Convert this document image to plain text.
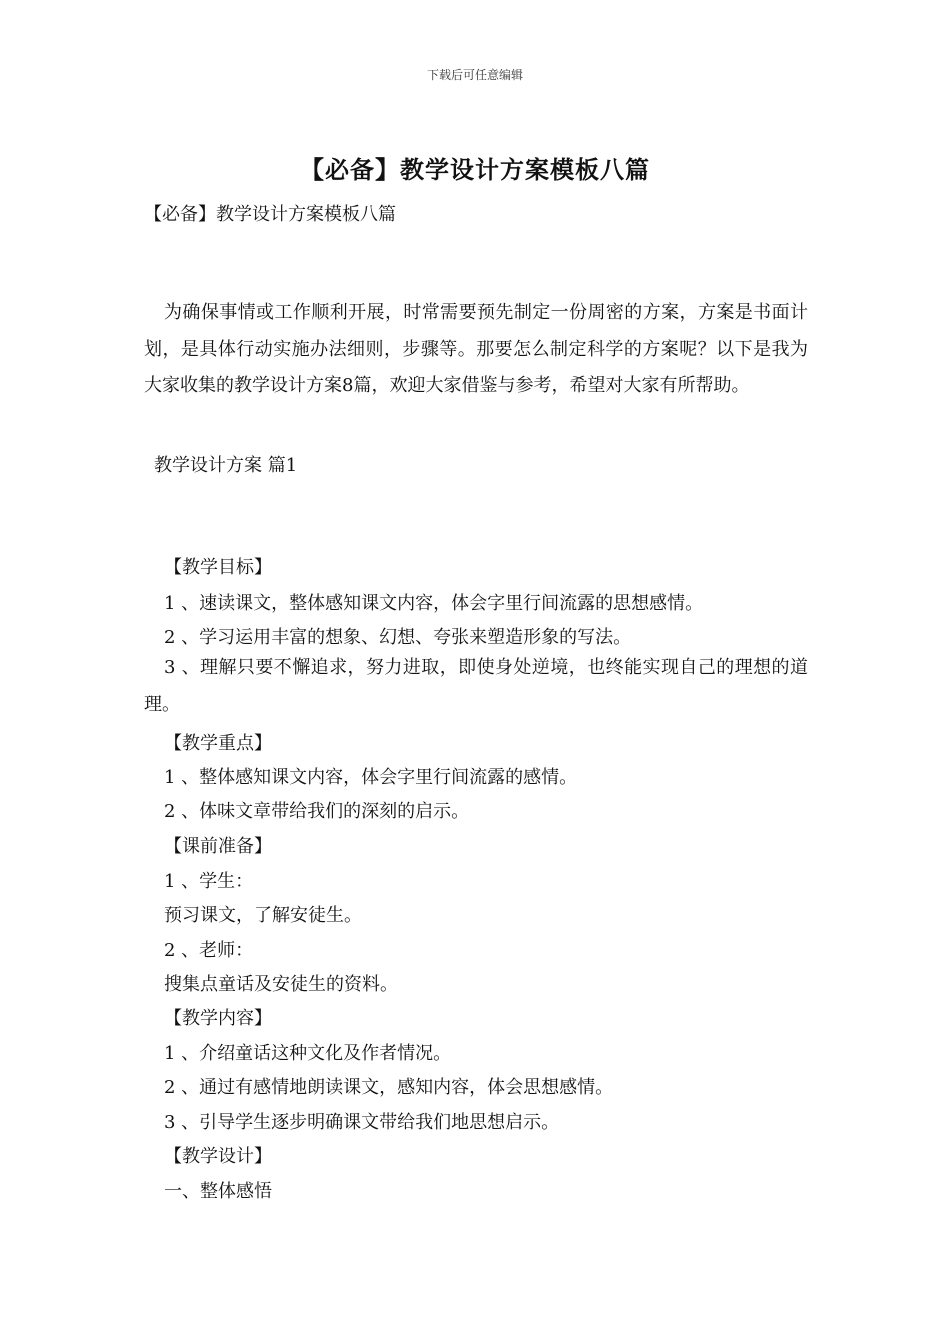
下载后可任意编辑
【必备】教学设计方案模板八篇
【必备】教学设计方案模板八篇
为确保事情或工作顺利开展，时常需要预先制定一份周密的方案，方案是书面计划，是具体行动实施办法细则，步骤等。那要怎么制定科学的方案呢？以下是我为大家收集的教学设计方案8篇，欢迎大家借鉴与参考，希望对大家有所帮助。
教学设计方案 篇1
【教学目标】
1 、速读课文，整体感知课文内容，体会字里行间流露的思想感情。
2 、学习运用丰富的想象、幻想、夸张来塑造形象的写法。
3 、理解只要不懈追求，努力进取，即使身处逆境，也终能实现自己的理想的道理。
【教学重点】
1 、整体感知课文内容，体会字里行间流露的感情。
2 、体味文章带给我们的深刻的启示。
【课前准备】
1 、学生：
预习课文，了解安徒生。
2 、老师：
搜集点童话及安徒生的资料。
【教学内容】
1 、介绍童话这种文化及作者情况。
2 、通过有感情地朗读课文，感知内容，体会思想感情。
3 、引导学生逐步明确课文带给我们地思想启示。
【教学设计】
一、整体感悟
